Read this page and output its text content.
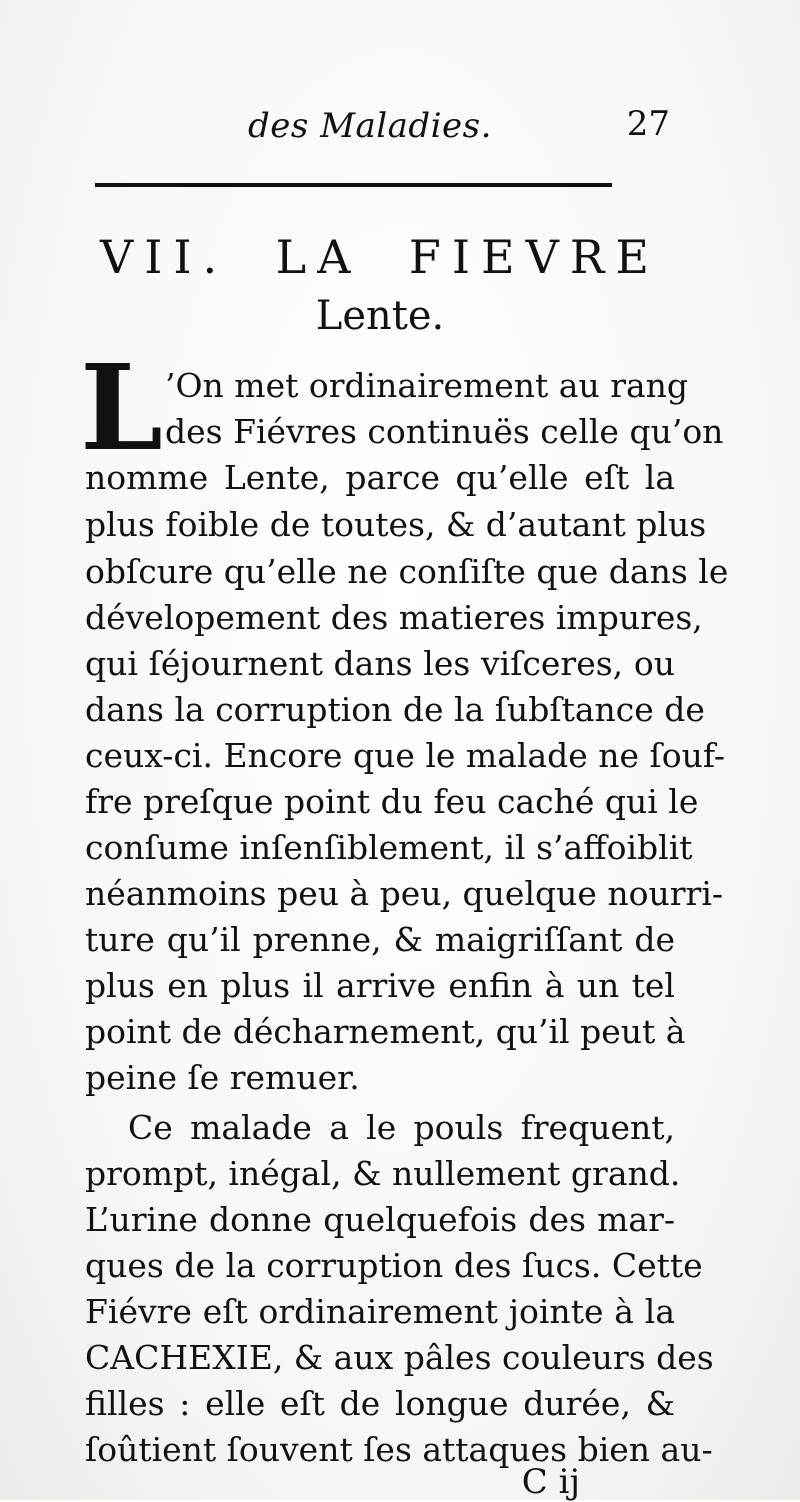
des Maladies.	27
VII. LA FIEVRE
Lente.
L ’On met ordinairement au rang
des Fiévres continuës celle qu’on
nomme Lente, parce qu’elle eſt la
plus foible de toutes, & d’autant plus
obſcure qu’elle ne conſiſte que dans le
dévelopement des matieres impures,
qui ſéjournent dans les viſceres, ou
dans la corruption de la ſubſtance de
ceux-ci. Encore que le malade ne ſouf-
fre preſque point du feu caché qui le
conſume inſenſiblement, il s’affoiblit
néanmoins peu à peu, quelque nourri-
ture qu’il prenne, & maigriſſant de
plus en plus il arrive enfin à un tel
point de décharnement, qu’il peut à
peine ſe remuer.
Ce malade a le pouls frequent,
prompt, inégal, & nullement grand.
L’urine donne quelquefois des mar-
ques de la corruption des ſucs. Cette
Fiévre eſt ordinairement jointe à la
CACHEXIE, & aux pâles couleurs des
filles : elle eſt de longue durée, &
ſoûtient ſouvent ſes attaques bien au-
C ij
